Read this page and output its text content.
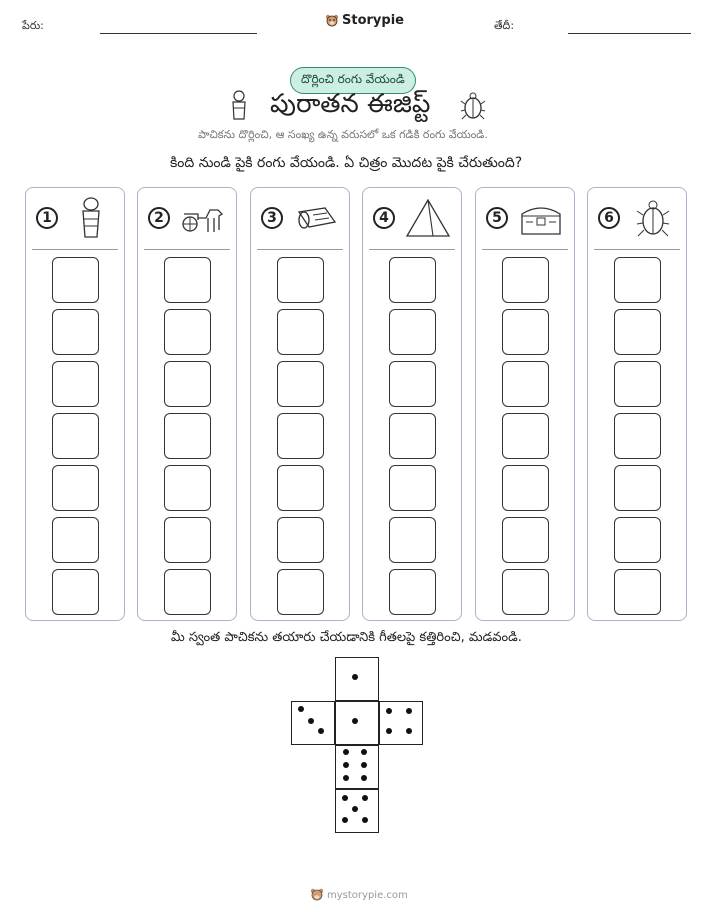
పేరు:	Storypie	తేదీ:
దొర్లించి రంగు వేయండి
పురాతన ఈజిప్ట్
పాచికను దొర్లించి, ఆ సంఖ్య ఉన్న వరుసలో ఒక గడికి రంగు వేయండి.
కింది నుండి పైకి రంగు వేయండి. ఏ చిత్రం మొదట పైకి చేరుతుంది?
1	2	3	4	5	6
మీ స్వంత పాచికను తయారు చేయడానికి గీతలపై కత్తిరించి, మడవండి.
mystorypie.com
